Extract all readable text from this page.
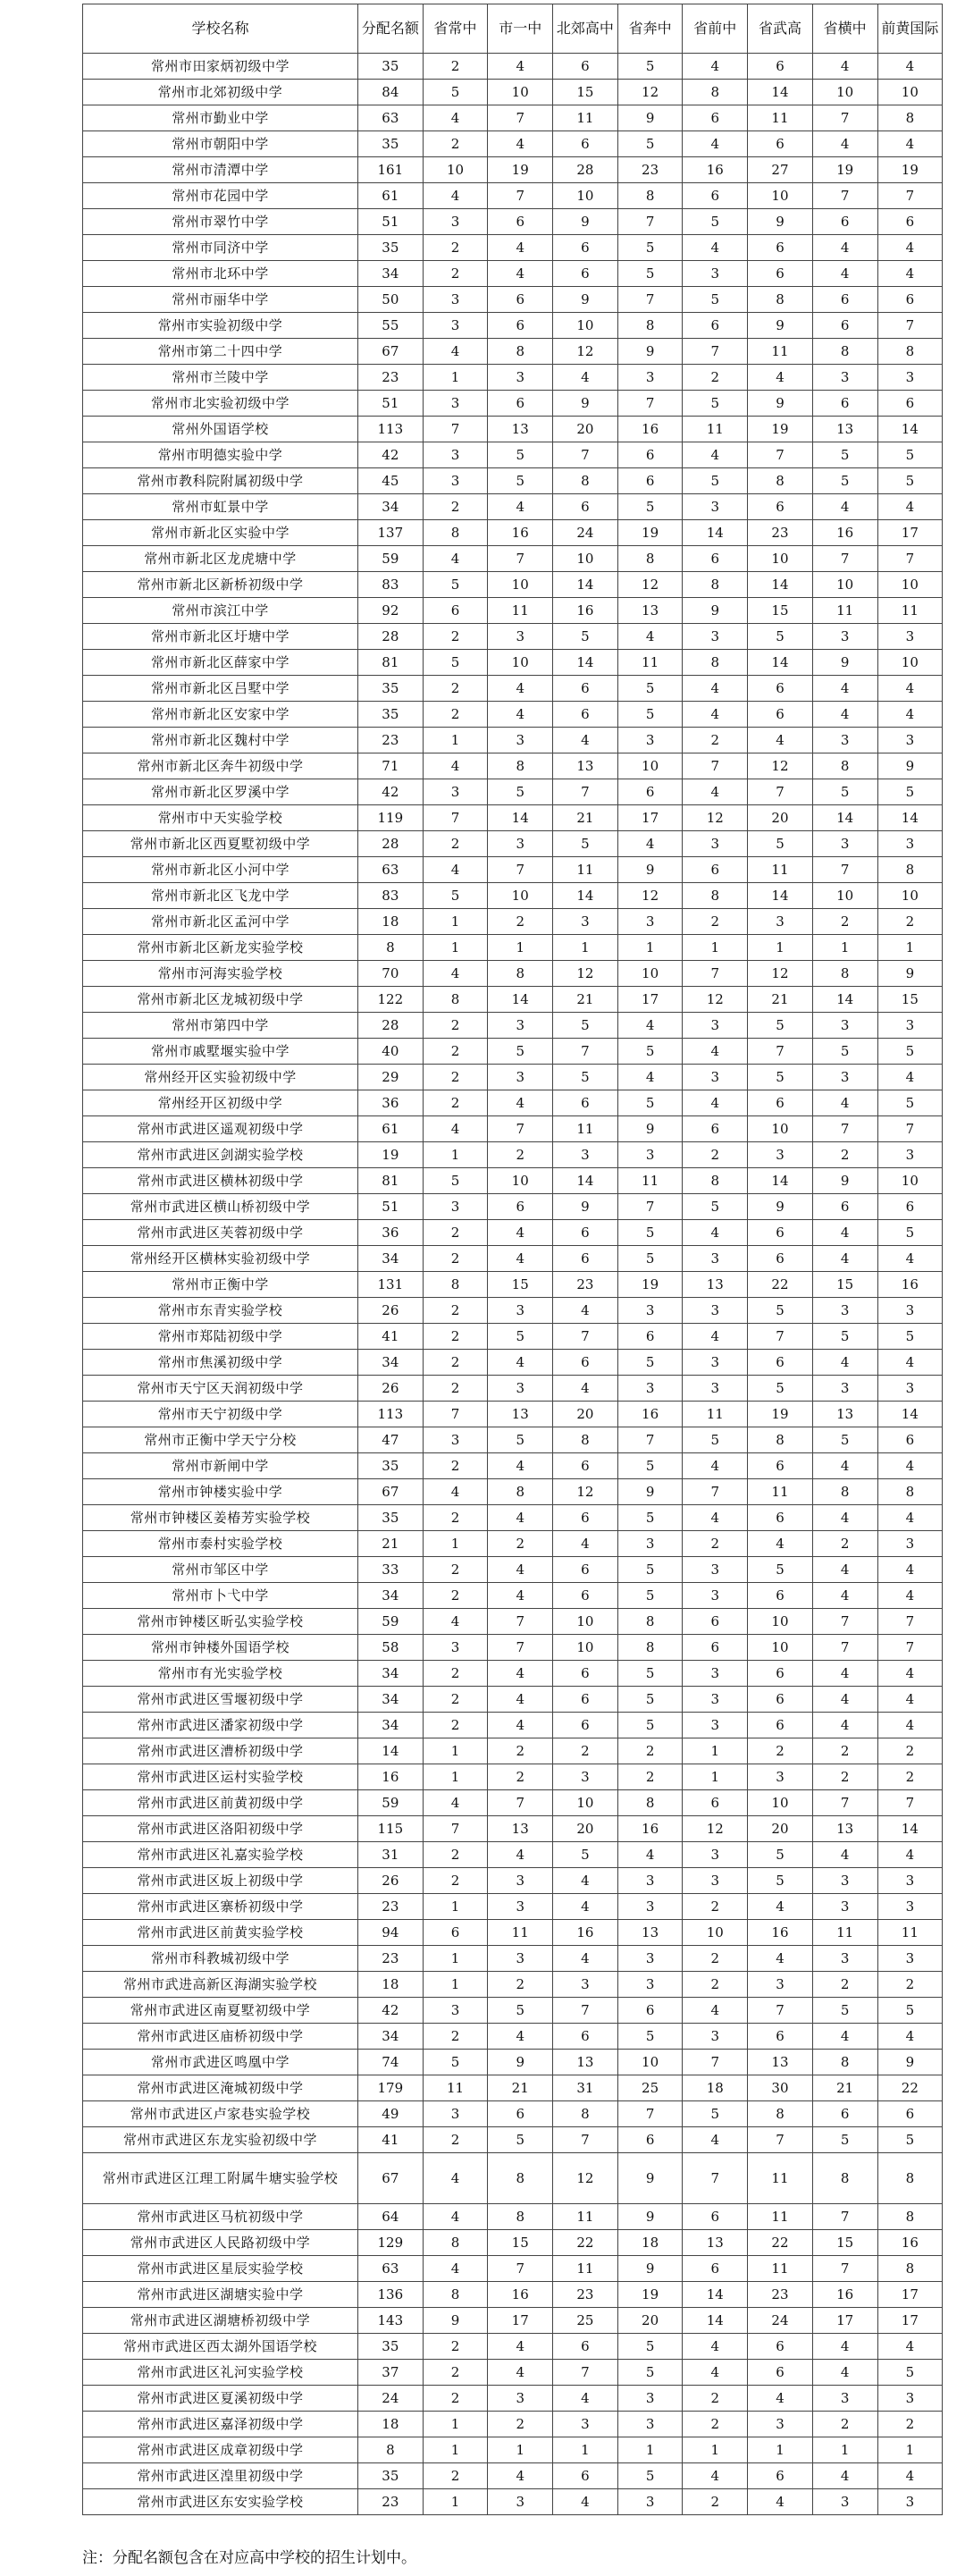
学校名称	分配名额	省常中	市一中	北郊高中	省奔中	省前中	省武高	省横中	前黄国际
常州市田家炳初级中学	35	2	4	6	5	4	6	4	4
常州市北郊初级中学	84	5	10	15	12	8	14	10	10
常州市勤业中学	63	4	7	11	9	6	11	7	8
常州市朝阳中学	35	2	4	6	5	4	6	4	4
常州市清潭中学	161	10	19	28	23	16	27	19	19
常州市花园中学	61	4	7	10	8	6	10	7	7
常州市翠竹中学	51	3	6	9	7	5	9	6	6
常州市同济中学	35	2	4	6	5	4	6	4	4
常州市北环中学	34	2	4	6	5	3	6	4	4
常州市丽华中学	50	3	6	9	7	5	8	6	6
常州市实验初级中学	55	3	6	10	8	6	9	6	7
常州市第二十四中学	67	4	8	12	9	7	11	8	8
常州市兰陵中学	23	1	3	4	3	2	4	3	3
常州市北实验初级中学	51	3	6	9	7	5	9	6	6
常州外国语学校	113	7	13	20	16	11	19	13	14
常州市明德实验中学	42	3	5	7	6	4	7	5	5
常州市教科院附属初级中学	45	3	5	8	6	5	8	5	5
常州市虹景中学	34	2	4	6	5	3	6	4	4
常州市新北区实验中学	137	8	16	24	19	14	23	16	17
常州市新北区龙虎塘中学	59	4	7	10	8	6	10	7	7
常州市新北区新桥初级中学	83	5	10	14	12	8	14	10	10
常州市滨江中学	92	6	11	16	13	9	15	11	11
常州市新北区圩塘中学	28	2	3	5	4	3	5	3	3
常州市新北区薛家中学	81	5	10	14	11	8	14	9	10
常州市新北区吕墅中学	35	2	4	6	5	4	6	4	4
常州市新北区安家中学	35	2	4	6	5	4	6	4	4
常州市新北区魏村中学	23	1	3	4	3	2	4	3	3
常州市新北区奔牛初级中学	71	4	8	13	10	7	12	8	9
常州市新北区罗溪中学	42	3	5	7	6	4	7	5	5
常州市中天实验学校	119	7	14	21	17	12	20	14	14
常州市新北区西夏墅初级中学	28	2	3	5	4	3	5	3	3
常州市新北区小河中学	63	4	7	11	9	6	11	7	8
常州市新北区飞龙中学	83	5	10	14	12	8	14	10	10
常州市新北区孟河中学	18	1	2	3	3	2	3	2	2
常州市新北区新龙实验学校	8	1	1	1	1	1	1	1	1
常州市河海实验学校	70	4	8	12	10	7	12	8	9
常州市新北区龙城初级中学	122	8	14	21	17	12	21	14	15
常州市第四中学	28	2	3	5	4	3	5	3	3
常州市戚墅堰实验中学	40	2	5	7	5	4	7	5	5
常州经开区实验初级中学	29	2	3	5	4	3	5	3	4
常州经开区初级中学	36	2	4	6	5	4	6	4	5
常州市武进区遥观初级中学	61	4	7	11	9	6	10	7	7
常州市武进区剑湖实验学校	19	1	2	3	3	2	3	2	3
常州市武进区横林初级中学	81	5	10	14	11	8	14	9	10
常州市武进区横山桥初级中学	51	3	6	9	7	5	9	6	6
常州市武进区芙蓉初级中学	36	2	4	6	5	4	6	4	5
常州经开区横林实验初级中学	34	2	4	6	5	3	6	4	4
常州市正衡中学	131	8	15	23	19	13	22	15	16
常州市东青实验学校	26	2	3	4	3	3	5	3	3
常州市郑陆初级中学	41	2	5	7	6	4	7	5	5
常州市焦溪初级中学	34	2	4	6	5	3	6	4	4
常州市天宁区天润初级中学	26	2	3	4	3	3	5	3	3
常州市天宁初级中学	113	7	13	20	16	11	19	13	14
常州市正衡中学天宁分校	47	3	5	8	7	5	8	5	6
常州市新闸中学	35	2	4	6	5	4	6	4	4
常州市钟楼实验中学	67	4	8	12	9	7	11	8	8
常州市钟楼区姜椿芳实验学校	35	2	4	6	5	4	6	4	4
常州市泰村实验学校	21	1	2	4	3	2	4	2	3
常州市邹区中学	33	2	4	6	5	3	5	4	4
常州市卜弋中学	34	2	4	6	5	3	6	4	4
常州市钟楼区昕弘实验学校	59	4	7	10	8	6	10	7	7
常州市钟楼外国语学校	58	3	7	10	8	6	10	7	7
常州市有光实验学校	34	2	4	6	5	3	6	4	4
常州市武进区雪堰初级中学	34	2	4	6	5	3	6	4	4
常州市武进区潘家初级中学	34	2	4	6	5	3	6	4	4
常州市武进区漕桥初级中学	14	1	2	2	2	1	2	2	2
常州市武进区运村实验学校	16	1	2	3	2	1	3	2	2
常州市武进区前黄初级中学	59	4	7	10	8	6	10	7	7
常州市武进区洛阳初级中学	115	7	13	20	16	12	20	13	14
常州市武进区礼嘉实验学校	31	2	4	5	4	3	5	4	4
常州市武进区坂上初级中学	26	2	3	4	3	3	5	3	3
常州市武进区寨桥初级中学	23	1	3	4	3	2	4	3	3
常州市武进区前黄实验学校	94	6	11	16	13	10	16	11	11
常州市科教城初级中学	23	1	3	4	3	2	4	3	3
常州市武进高新区海湖实验学校	18	1	2	3	3	2	3	2	2
常州市武进区南夏墅初级中学	42	3	5	7	6	4	7	5	5
常州市武进区庙桥初级中学	34	2	4	6	5	3	6	4	4
常州市武进区鸣凰中学	74	5	9	13	10	7	13	8	9
常州市武进区淹城初级中学	179	11	21	31	25	18	30	21	22
常州市武进区卢家巷实验学校	49	3	6	8	7	5	8	6	6
常州市武进区东龙实验初级中学	41	2	5	7	6	4	7	5	5
常州市武进区江理工附属牛塘实验学校	67	4	8	12	9	7	11	8	8
常州市武进区马杭初级中学	64	4	8	11	9	6	11	7	8
常州市武进区人民路初级中学	129	8	15	22	18	13	22	15	16
常州市武进区星辰实验学校	63	4	7	11	9	6	11	7	8
常州市武进区湖塘实验中学	136	8	16	23	19	14	23	16	17
常州市武进区湖塘桥初级中学	143	9	17	25	20	14	24	17	17
常州市武进区西太湖外国语学校	35	2	4	6	5	4	6	4	4
常州市武进区礼河实验学校	37	2	4	7	5	4	6	4	5
常州市武进区夏溪初级中学	24	2	3	4	3	2	4	3	3
常州市武进区嘉泽初级中学	18	1	2	3	3	2	3	2	2
常州市武进区成章初级中学	8	1	1	1	1	1	1	1	1
常州市武进区湟里初级中学	35	2	4	6	5	4	6	4	4
常州市武进区东安实验学校	23	1	3	4	3	2	4	3	3
注：分配名额包含在对应高中学校的招生计划中。
